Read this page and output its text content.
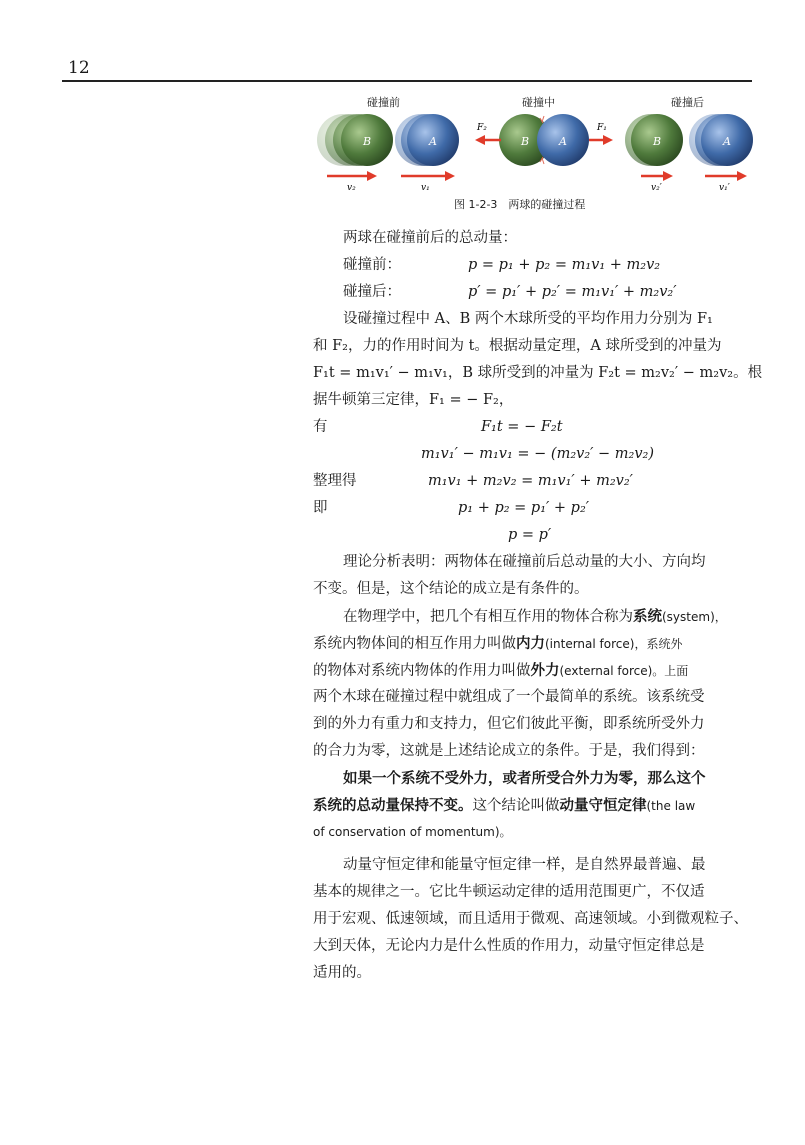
12
碰撞前	碰撞中	碰撞后
B	A
v₂	v₁
B	A
F₂	F₁
B	A
v₂′	v₁′
图 1-2-3　两球的碰撞过程
两球在碰撞前后的总动量：
碰撞前：	p = p₁ + p₂ = m₁v₁ + m₂v₂
碰撞后：	p′ = p₁′ + p₂′ = m₁v₁′ + m₂v₂′
设碰撞过程中 A、B 两个木球所受的平均作用力分别为 F₁
和 F₂，力的作用时间为 t。根据动量定理，A 球所受到的冲量为
F₁t = m₁v₁′ − m₁v₁，B 球所受到的冲量为 F₂t = m₂v₂′ − m₂v₂。根
据牛顿第三定律，F₁ = − F₂，
有	F₁t = − F₂t
m₁v₁′ − m₁v₁ = − (m₂v₂′ − m₂v₂)
整理得	m₁v₁ + m₂v₂ = m₁v₁′ + m₂v₂′
即	p₁ + p₂ = p₁′ + p₂′
p = p′
理论分析表明：两物体在碰撞前后总动量的大小、方向均
不变。但是，这个结论的成立是有条件的。
在物理学中，把几个有相互作用的物体合称为系统(system)，
系统内物体间的相互作用力叫做内力(internal force)，系统外
的物体对系统内物体的作用力叫做外力(external force)。上面
两个木球在碰撞过程中就组成了一个最简单的系统。该系统受
到的外力有重力和支持力，但它们彼此平衡，即系统所受外力
的合力为零，这就是上述结论成立的条件。于是，我们得到：
如果一个系统不受外力，或者所受合外力为零，那么这个
系统的总动量保持不变。这个结论叫做动量守恒定律(the law
of conservation of momentum)。
动量守恒定律和能量守恒定律一样，是自然界最普遍、最
基本的规律之一。它比牛顿运动定律的适用范围更广，不仅适
用于宏观、低速领域，而且适用于微观、高速领域。小到微观粒子、
大到天体，无论内力是什么性质的作用力，动量守恒定律总是
适用的。
